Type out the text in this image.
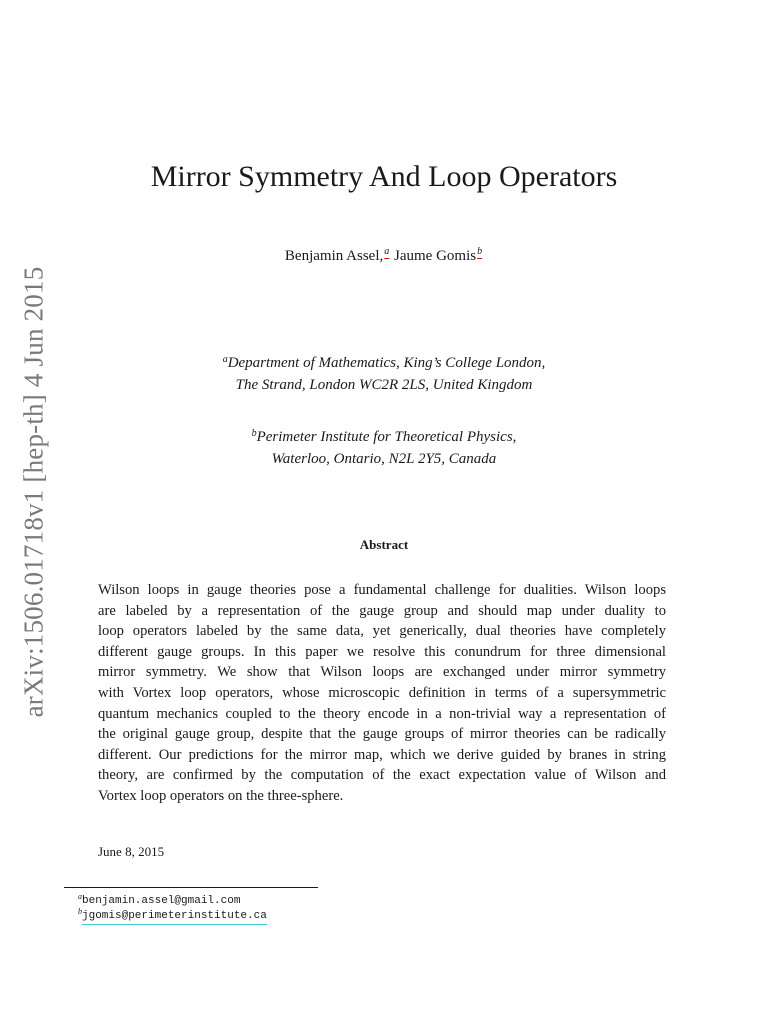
arXiv:1506.01718v1 [hep-th] 4 Jun 2015
Mirror Symmetry And Loop Operators
Benjamin Assel,$^a$ Jaume Gomis$^b$
$^a$Department of Mathematics, King’s College London,
The Strand, London WC2R 2LS, United Kingdom
$^b$Perimeter Institute for Theoretical Physics,
Waterloo, Ontario, N2L 2Y5, Canada
Abstract
Wilson loops in gauge theories pose a fundamental challenge for dualities. Wilson loops
are labeled by a representation of the gauge group and should map under duality to
loop operators labeled by the same data, yet generically, dual theories have completely
different gauge groups. In this paper we resolve this conundrum for three dimensional
mirror symmetry. We show that Wilson loops are exchanged under mirror symmetry
with Vortex loop operators, whose microscopic definition in terms of a supersymmetric
quantum mechanics coupled to the theory encode in a non-trivial way a representation of
the original gauge group, despite that the gauge groups of mirror theories can be radically
different. Our predictions for the mirror map, which we derive guided by branes in string
theory, are confirmed by the computation of the exact expectation value of Wilson and
Vortex loop operators on the three-sphere.
June 8, 2015
$^a$benjamin.assel@gmail.com
$^b$jgomis@perimeterinstitute.ca
